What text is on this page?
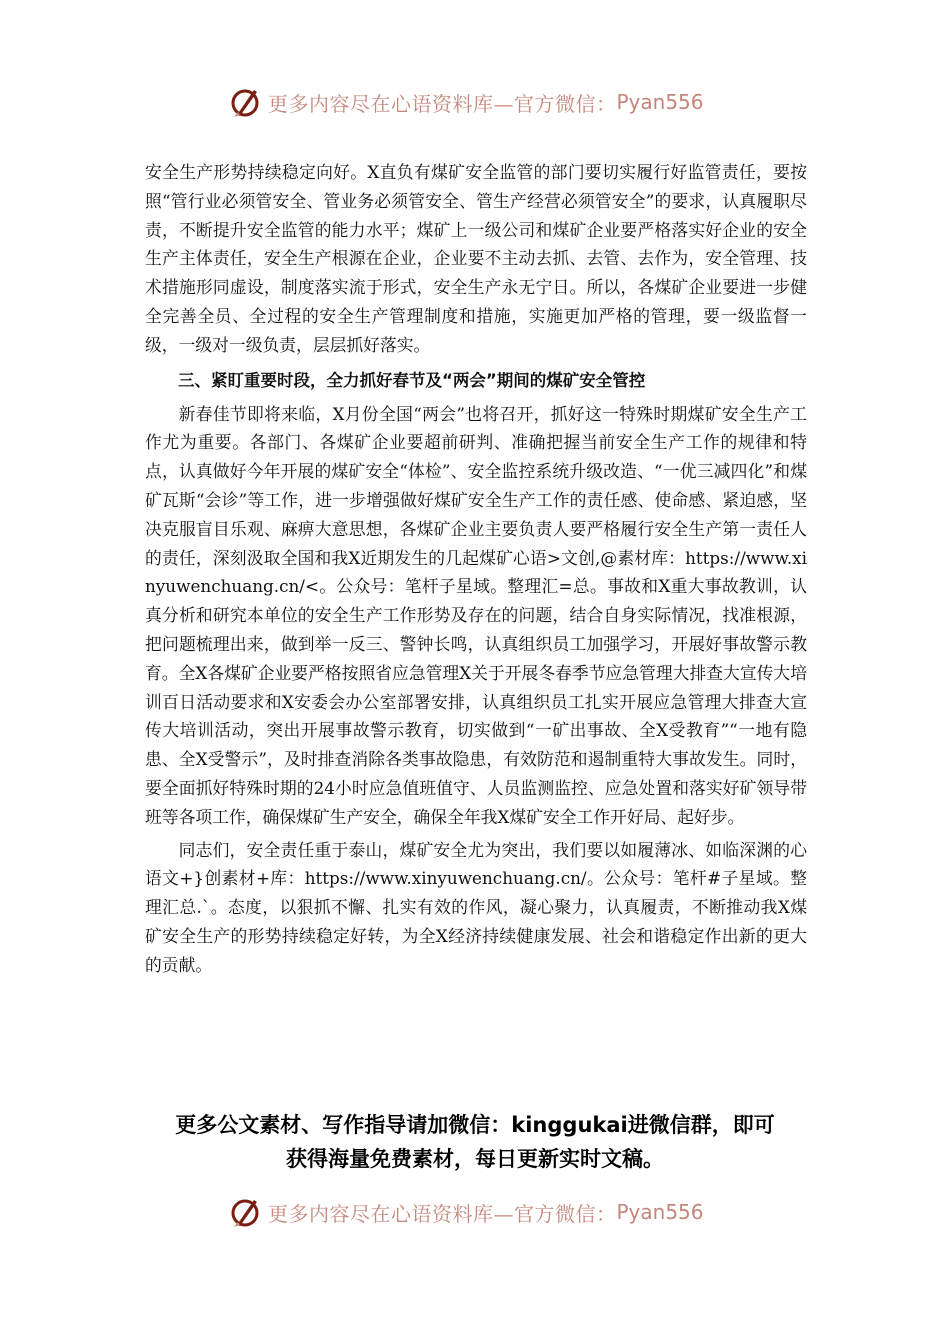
更多内容尽在心语资料库—官方微信： Pyan556

安全生产形势持续稳定向好。X直负有煤矿安全监管的部门要切实履行好监管责任，要按照“管行业必须管安全、管业务必须管安全、管生产经营必须管安全”的要求，认真履职尽责，不断提升安全监管的能力水平；煤矿上一级公司和煤矿企业要严格落实好企业的安全生产主体责任，安全生产根源在企业，企业要不主动去抓、去管、去作为，安全管理、技术措施形同虚设，制度落实流于形式，安全生产永无宁日。所以，各煤矿企业要进一步健全完善全员、全过程的安全生产管理制度和措施，实施更加严格的管理，要一级监督一级，一级对一级负责，层层抓好落实。

三、紧盯重要时段，全力抓好春节及“两会”期间的煤矿安全管控

新春佳节即将来临，X月份全国“两会”也将召开，抓好这一特殊时期煤矿安全生产工作尤为重要。各部门、各煤矿企业要超前研判、准确把握当前安全生产工作的规律和特点，认真做好今年开展的煤矿安全“体检”、安全监控系统升级改造、“一优三减四化”和煤矿瓦斯“会诊”等工作，进一步增强做好煤矿安全生产工作的责任感、使命感、紧迫感，坚决克服盲目乐观、麻痹大意思想，各煤矿企业主要负责人要严格履行安全生产第一责任人的责任，深刻汲取全国和我X近期发生的几起煤矿心语>文创,@素材库：https://www.xinyuwenchuang.cn/<。公众号：笔杆子星域。整理汇=总。事故和X重大事故教训，认真分析和研究本单位的安全生产工作形势及存在的问题，结合自身实际情况，找准根源，把问题梳理出来，做到举一反三、警钟长鸣，认真组织员工加强学习，开展好事故警示教育。全X各煤矿企业要严格按照省应急管理X关于开展冬春季节应急管理大排查大宣传大培训百日活动要求和X安委会办公室部署安排，认真组织员工扎实开展应急管理大排查大宣传大培训活动，突出开展事故警示教育，切实做到“一矿出事故、全X受教育”“一地有隐患、全X受警示”，及时排查消除各类事故隐患，有效防范和遏制重特大事故发生。同时，要全面抓好特殊时期的24小时应急值班值守、人员监测监控、应急处置和落实好矿领导带班等各项工作，确保煤矿生产安全，确保全年我X煤矿安全工作开好局、起好步。

同志们，安全责任重于泰山，煤矿安全尤为突出，我们要以如履薄冰、如临深渊的心语文+}创素材+库：https://www.xinyuwenchuang.cn/。公众号：笔杆#子星域。整理汇总.`。态度，以狠抓不懈、扎实有效的作风，凝心聚力，认真履责，不断推动我X煤矿安全生产的形势持续稳定好转，为全X经济持续健康发展、社会和谐稳定作出新的更大的贡献。

更多公文素材、写作指导请加微信：kinggukai进微信群，即可
获得海量免费素材，每日更新实时文稿。
更多内容尽在心语资料库—官方微信： Pyan556
